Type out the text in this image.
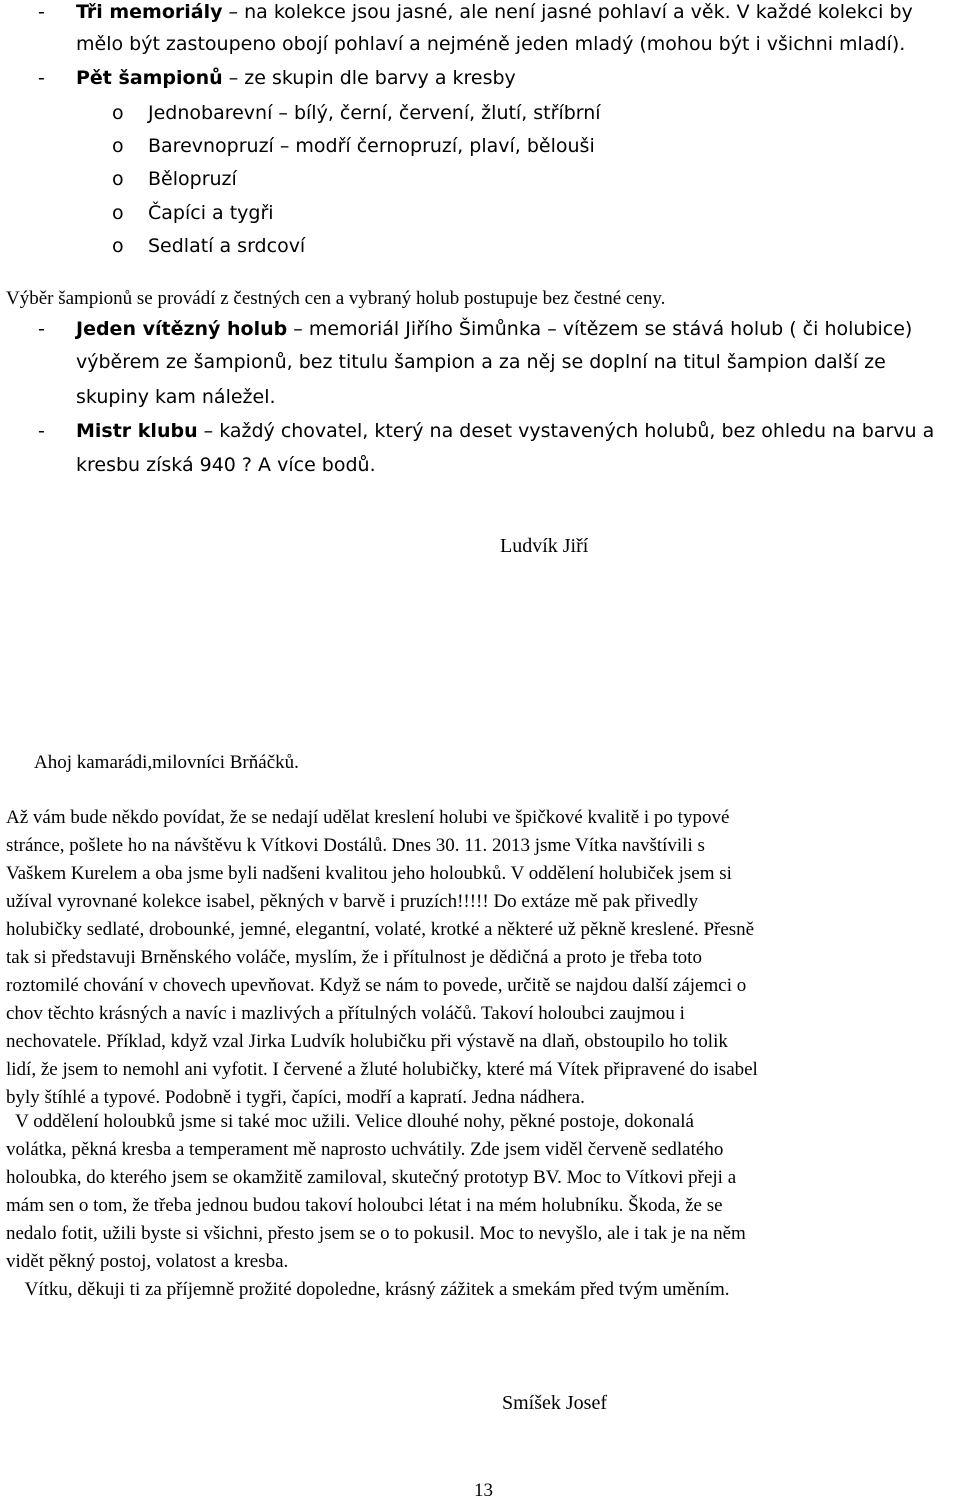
- Tři memoriály – na kolekce jsou jasné, ale není jasné pohlaví a věk. V každé kolekci by
mělo být zastoupeno obojí pohlaví a nejméně jeden mladý (mohou být i všichni mladí).
- Pět šampionů – ze skupin dle barvy a kresby
o Jednobarevní – bílý, černí, červení, žlutí, stříbrní
o Barevnopruzí – modří černopruzí, plaví, bělouši
o Bělopruzí
o Čapíci a tygři
o Sedlatí a srdcoví
Výběr šampionů se provádí z čestných cen a vybraný holub postupuje bez čestné ceny.
- Jeden vítězný holub – memoriál Jiřího Šimůnka – vítězem se stává holub ( či holubice)
výběrem ze šampionů, bez titulu šampion a za něj se doplní na titul šampion další ze
skupiny kam náležel.
- Mistr klubu – každý chovatel, který na deset vystavených holubů, bez ohledu na barvu a
kresbu získá 940 ? A více bodů.
Ludvík Jiří
Ahoj kamarádi,milovníci Brňáčků.

Až vám bude někdo povídat, že se nedají udělat kreslení holubi ve špičkové kvalitě i po typové

stránce, pošlete ho na návštěvu k Vítkovi Dostálů. Dnes 30. 11. 2013 jsme Vítka navštívili s

Vaškem Kurelem a oba jsme byli nadšeni kvalitou jeho holoubků. V oddělení holubiček jsem si

užíval vyrovnané kolekce isabel, pěkných v barvě i pruzích!!!!! Do extáze mě pak přivedly

holubičky sedlaté, drobounké, jemné, elegantní, volaté, krotké a některé už pěkně kreslené. Přesně

tak si představuji Brněnského voláče, myslím, že i přítulnost je dědičná a proto je třeba toto

roztomilé chování v chovech upevňovat. Když se nám to povede, určitě se najdou další zájemci o

chov těchto krásných a navíc i mazlivých a přítulných voláčů. Takoví holoubci zaujmou i

nechovatele. Příklad, když vzal Jirka Ludvík holubičku při výstavě na dlaň, obstoupilo ho tolik

lidí, že jsem to nemohl ani vyfotit. I červené a žluté holubičky, které má Vítek připravené do isabel

byly štíhlé a typové. Podobně i tygři, čapíci, modří a kapratí. Jedna nádhera.

V oddělení holoubků jsme si také moc užili. Velice dlouhé nohy, pěkné postoje, dokonalá

volátka, pěkná kresba a temperament mě naprosto uchvátily. Zde jsem viděl červeně sedlatého

holoubka, do kterého jsem se okamžitě zamiloval, skutečný prototyp BV. Moc to Vítkovi přeji a

mám sen o tom, že třeba jednou budou takoví holoubci létat i na mém holubníku. Škoda, že se

nedalo fotit, užili byste si všichni, přesto jsem se o to pokusil. Moc to nevyšlo, ale i tak je na něm

vidět pěkný postoj, volatost a kresba.

Vítku, děkuji ti za příjemně prožité dopoledne, krásný zážitek a smekám před tvým uměním.
Smíšek Josef
13
